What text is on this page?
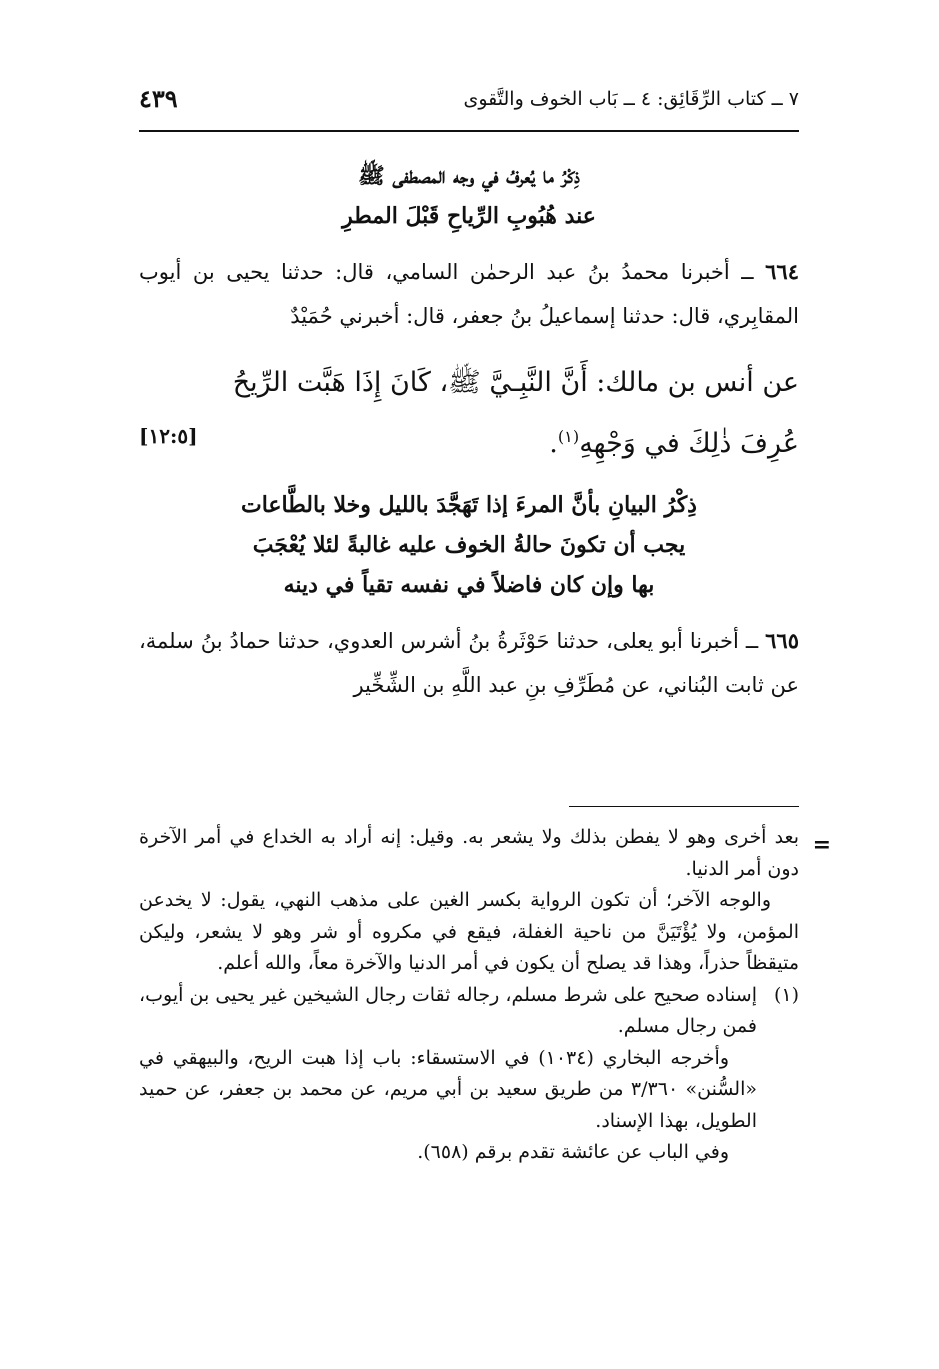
٧ ــ كتاب الرِّقَائِق: ٤ ــ بَاب الخوف والتَّقوى
٤٣٩
ذِكْرُ ما يُعرفُ في وجه المصطفى ﷺ
عند هُبُوبِ الرِّياحِ قَبْلَ المطرِ

٦٦٤ ــ أخبرنا محمدُ بنُ عبد الرحمٰن السامي، قال: حدثنا يحيى بن أيوب المقابِري، قال: حدثنا إسماعيلُ بنُ جعفر، قال: أخبرني حُمَيْدٌ

عن أنس بن مالك: أَنَّ النَّبِـيَّ ﷺ، كَانَ إِذَا هَبَّت الرِّيحُ
عُرِفَ ذٰلِكَ في وَجْهِهِ$^{(١)}$.
[١٢:٥]
ذِكْرُ البيانِ بأنَّ المرءَ إذا تَهَجَّدَ بالليل وخلا بالطَّاعات
يجب أن تكونَ حالةُ الخوف عليه غالبةً لئلا يُعْجَبَ
بها وإن كان فاضلاً في نفسه تقياً في دينه

٦٦٥ ــ أخبرنا أبو يعلى، حدثنا حَوْثَرةُ بنُ أشرس العدوي، حدثنا حمادُ بنُ سلمة، عن ثابت البُناني، عن مُطَرِّفِ بنِ عبد اللَّهِ بن الشِّخِّير

=

بعد أخرى وهو لا يفطن بذلك ولا يشعر به. وقيل: إنه أراد به الخداع في أمر الآخرة دون أمر الدنيا.

والوجه الآخر؛ أن تكون الرواية بكسر الغين على مذهب النهي، يقول: لا يخدعن المؤمن، ولا يُؤْتَيَنَّ من ناحية الغفلة، فيقع في مكروه أو شر وهو لا يشعر، وليكن متيقظاً حذراً، وهذا قد يصلح أن يكون في أمر الدنيا والآخرة معاً، والله أعلم.

(١)

إسناده صحيح على شرط مسلم، رجاله ثقات رجال الشيخين غير يحيى بن أيوب، فمن رجال مسلم.

وأخرجه البخاري (١٠٣٤) في الاستسقاء: باب إذا هبت الريح، والبيهقي في «السُّنن» ٣/٣٦٠ من طريق سعيد بن أبي مريم، عن محمد بن جعفر، عن حميد الطويل، بهذا الإسناد.

وفي الباب عن عائشة تقدم برقم (٦٥٨).
